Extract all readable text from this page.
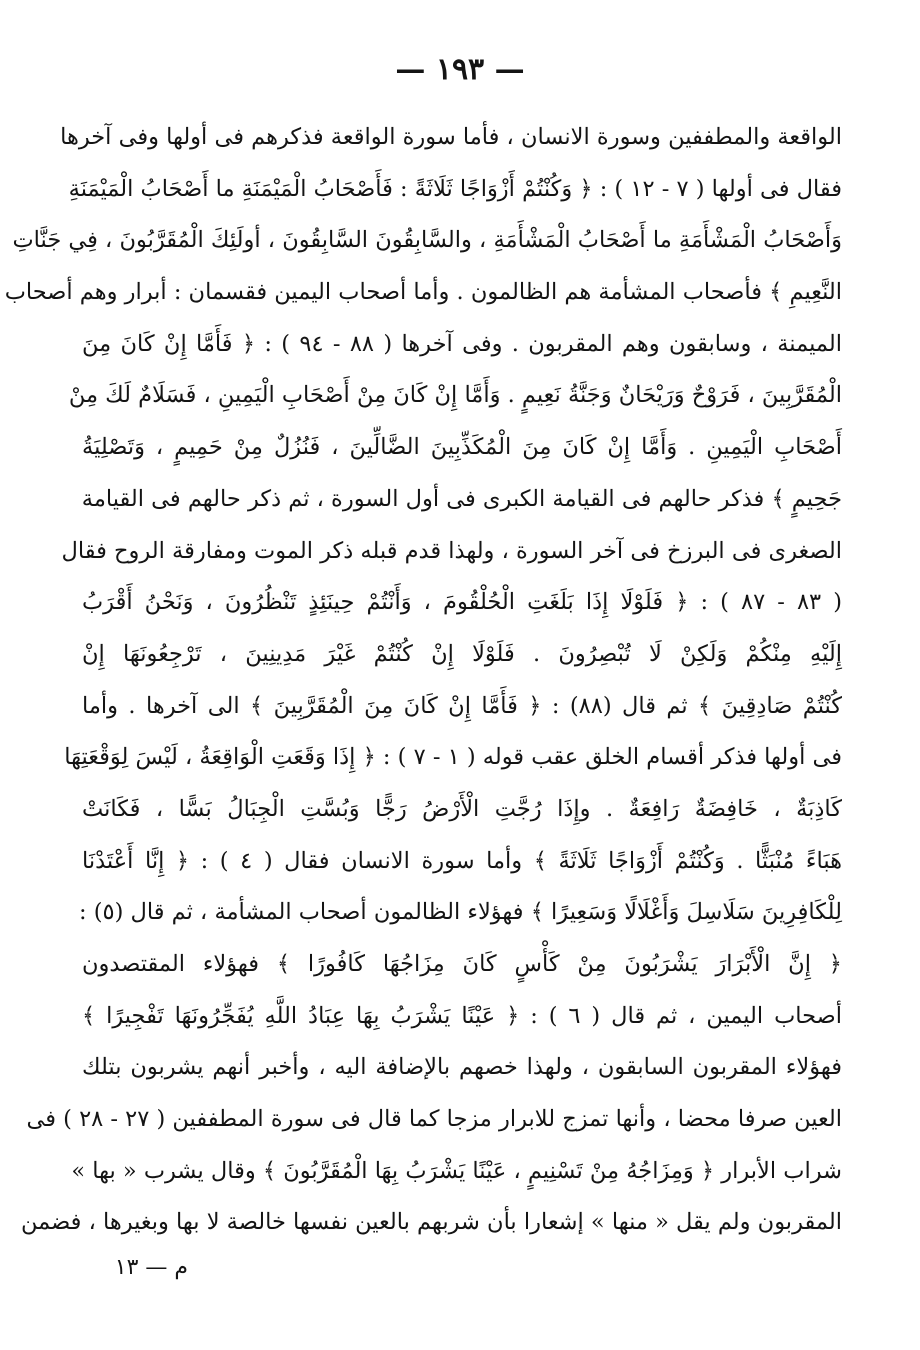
— ١٩٣ —
الواقعة والمطففين وسورة الانسان ، فأما سورة الواقعة فذكرهم فى أولها وفى آخرها
فقال فى أولها ( ٧ - ١٢ ) : ﴿ وَكُنْتُمْ أَزْوَاجًا ثَلَاثَةً : فَأَصْحَابُ الْمَيْمَنَةِ ما أَصْحَابُ الْمَيْمَنَةِ
وَأَصْحَابُ الْمَشْأَمَةِ ما أَصْحَابُ الْمَشْأَمَةِ ، والسَّابِقُونَ السَّابِقُونَ ، أولَئِكَ الْمُقَرَّبُونَ ، فِي جَنَّاتِ
النَّعِيمِ ﴾ فأصحاب المشأمة هم الظالمون . وأما أصحاب اليمين فقسمان : أبرار وهم أصحاب
الميمنة ، وسابقون وهم المقربون . وفى آخرها ( ٨٨ - ٩٤ ) : ﴿ فَأَمَّا إِنْ كَانَ مِنَ
الْمُقَرَّبِينَ ، فَرَوْحٌ وَرَيْحَانٌ وَجَنَّةُ نَعِيمٍ . وَأَمَّا إِنْ كَانَ مِنْ أَصْحَابِ الْيَمِينِ ، فَسَلَامٌ لَكَ مِنْ
أَصْحَابِ الْيَمِينِ . وَأَمَّا إِنْ كَانَ مِنَ الْمُكَذِّبِينَ الضَّالِّينَ ، فَنُزُلٌ مِنْ حَمِيمٍ ، وَتَصْلِيَةُ
جَحِيمٍ ﴾ فذكر حالهم فى القيامة الكبرى فى أول السورة ، ثم ذكر حالهم فى القيامة
الصغرى فى البرزخ فى آخر السورة ، ولهذا قدم قبله ذكر الموت ومفارقة الروح فقال
( ٨٣ - ٨٧ ) : ﴿ فَلَوْلَا إِذَا بَلَغَتِ الْحُلْقُومَ ، وَأَنْتُمْ حِينَئِذٍ تَنْظُرُونَ ، وَنَحْنُ أَقْرَبُ
إِلَيْهِ مِنْكُمْ وَلَكِنْ لَا تُبْصِرُونَ . فَلَوْلَا إِنْ كُنْتُمْ غَيْرَ مَدِينِينَ ، تَرْجِعُونَهَا إِنْ
كُنْتُمْ صَادِقِينَ ﴾ ثم قال (٨٨) : ﴿ فَأَمَّا إِنْ كَانَ مِنَ الْمُقَرَّبِينَ ﴾ الى آخرها . وأما
فى أولها فذكر أقسام الخلق عقب قوله ( ١ - ٧ ) : ﴿ إِذَا وَقَعَتِ الْوَاقِعَةُ ، لَيْسَ لِوَقْعَتِهَا
كَاذِبَةٌ ، خَافِضَةٌ رَافِعَةٌ . وإِذَا رُجَّتِ الْأَرْضُ رَجًّا وَبُسَّتِ الْجِبَالُ بَسًّا ، فَكَانَتْ
هَبَاءً مُنْبَثًّا . وَكُنْتُمْ أَزْوَاجًا ثَلَاثَةً ﴾ وأما سورة الانسان فقال ( ٤ ) : ﴿ إِنَّا أَعْتَدْنَا
لِلْكَافِرِينَ سَلَاسِلَ وَأَغْلَالًا وَسَعِيرًا ﴾ فهؤلاء الظالمون أصحاب المشأمة ، ثم قال (٥) :
﴿ إِنَّ الْأَبْرَارَ يَشْرَبُونَ مِنْ كَأْسٍ كَانَ مِزَاجُهَا كَافُورًا ﴾ فهؤلاء المقتصدون
أصحاب اليمين ، ثم قال ( ٦ ) : ﴿ عَيْنًا يَشْرَبُ بِهَا عِبَادُ اللَّهِ يُفَجِّرُونَهَا تَفْجِيرًا ﴾
فهؤلاء المقربون السابقون ، ولهذا خصهم بالإضافة اليه ، وأخبر أنهم يشربون بتلك
العين صرفا محضا ، وأنها تمزج للابرار مزجا كما قال فى سورة المطففين ( ٢٧ - ٢٨ ) فى
شراب الأبرار ﴿ وَمِزَاجُهُ مِنْ تَسْنِيمٍ ، عَيْنًا يَشْرَبُ بِهَا الْمُقَرَّبُونَ ﴾ وقال يشرب « بها »
المقربون ولم يقل « منها » إشعارا بأن شربهم بالعين نفسها خالصة لا بها وبغيرها ، فضمن
م — ١٣
